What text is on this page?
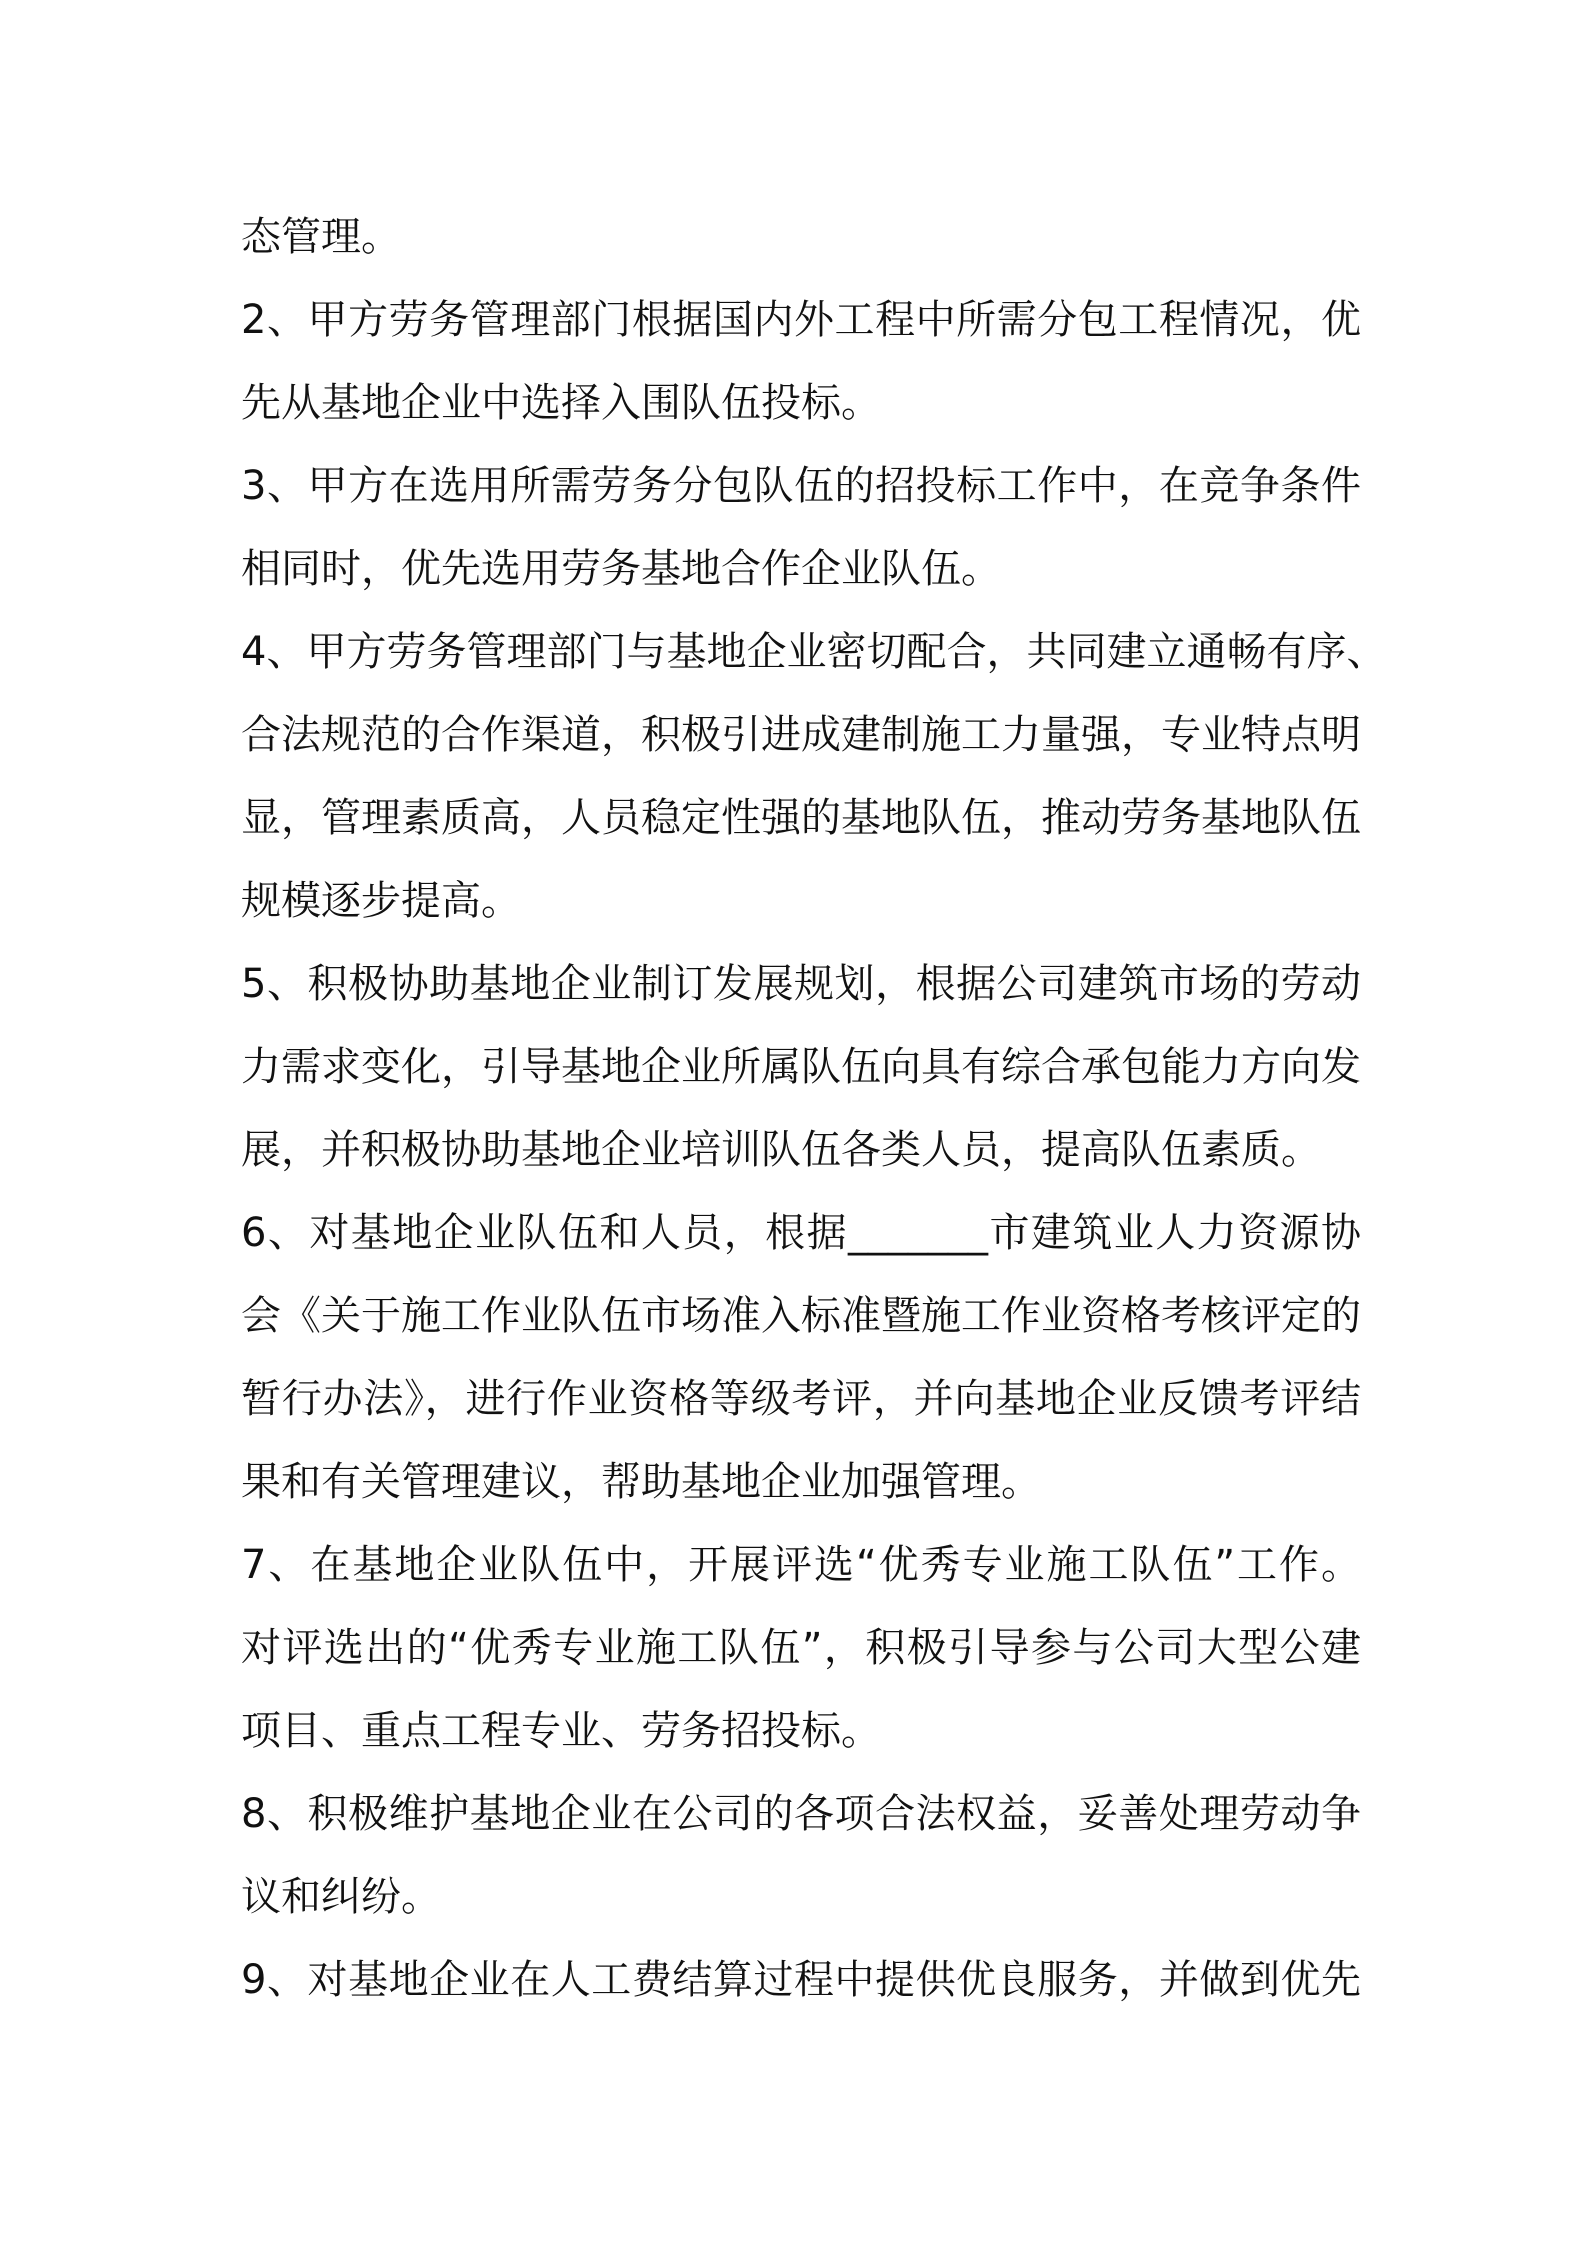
态管理。
2、甲方劳务管理部门根据国内外工程中所需分包工程情况，优
先从基地企业中选择入围队伍投标。
3、甲方在选用所需劳务分包队伍的招投标工作中，在竞争条件
相同时，优先选用劳务基地合作企业队伍。
4、甲方劳务管理部门与基地企业密切配合，共同建立通畅有序、
合法规范的合作渠道，积极引进成建制施工力量强，专业特点明
显，管理素质高，人员稳定性强的基地队伍，推动劳务基地队伍
规模逐步提高。
5、积极协助基地企业制订发展规划，根据公司建筑市场的劳动
力需求变化，引导基地企业所属队伍向具有综合承包能力方向发
展，并积极协助基地企业培训队伍各类人员，提高队伍素质。
6、对基地企业队伍和人员，根据_______市建筑业人力资源协
会《关于施工作业队伍市场准入标准暨施工作业资格考核评定的
暂行办法》，进行作业资格等级考评，并向基地企业反馈考评结
果和有关管理建议，帮助基地企业加强管理。
7、在基地企业队伍中，开展评选“优秀专业施工队伍”工作。
对评选出的“优秀专业施工队伍”，积极引导参与公司大型公建
项目、重点工程专业、劳务招投标。
8、积极维护基地企业在公司的各项合法权益，妥善处理劳动争
议和纠纷。
9、对基地企业在人工费结算过程中提供优良服务，并做到优先
